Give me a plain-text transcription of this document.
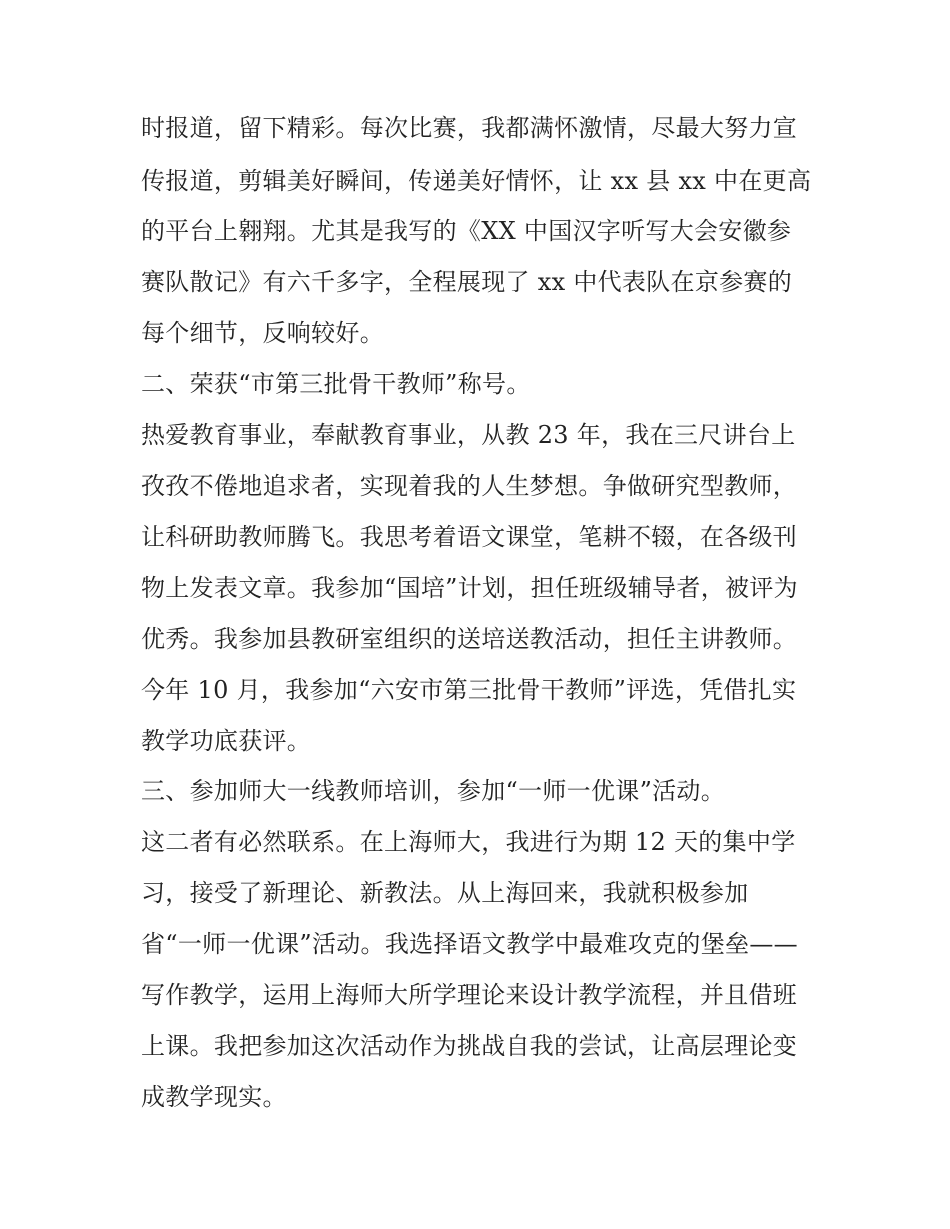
时报道，留下精彩。每次比赛，我都满怀激情，尽最大努力宣
传报道，剪辑美好瞬间，传递美好情怀，让 xx 县 xx 中在更高
的平台上翱翔。尤其是我写的《XX 中国汉字听写大会安徽参
赛队散记》有六千多字，全程展现了 xx 中代表队在京参赛的
每个细节，反响较好。
二、荣获“市第三批骨干教师”称号。
热爱教育事业，奉献教育事业，从教 23 年，我在三尺讲台上
孜孜不倦地追求者，实现着我的人生梦想。争做研究型教师，
让科研助教师腾飞。我思考着语文课堂，笔耕不辍，在各级刊
物上发表文章。我参加“国培”计划，担任班级辅导者，被评为
优秀。我参加县教研室组织的送培送教活动，担任主讲教师。
今年 10 月，我参加“六安市第三批骨干教师”评选，凭借扎实
教学功底获评。
三、参加师大一线教师培训，参加“一师一优课”活动。
这二者有必然联系。在上海师大，我进行为期 12 天的集中学
习，接受了新理论、新教法。从上海回来，我就积极参加
省“一师一优课”活动。我选择语文教学中最难攻克的堡垒——
写作教学，运用上海师大所学理论来设计教学流程，并且借班
上课。我把参加这次活动作为挑战自我的尝试，让高层理论变
成教学现实。
